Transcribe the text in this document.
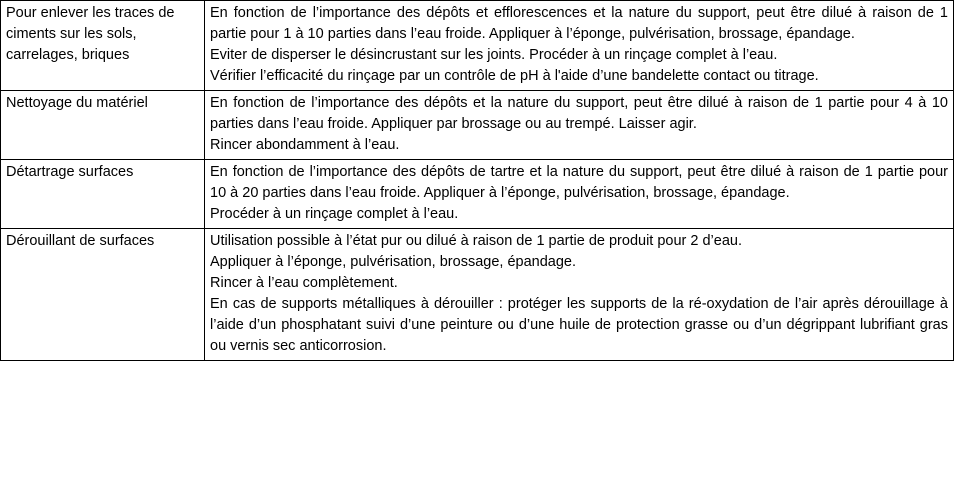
Pour enlever les traces de ciments sur les sols, carrelages, briques	En fonction de l’importance des dépôts et efflorescences et la nature du support, peut être dilué à raison de 1 partie pour 1 à 10 parties dans l’eau froide. Appliquer à l’éponge, pulvérisation, brossage, épandage.
Eviter de disperser le désincrustant sur les joints. Procéder à un rinçage complet à l’eau.
Vérifier l’efficacité du rinçage par un contrôle de pH à l'aide d’une bandelette contact ou titrage.

Nettoyage du matériel	En fonction de l’importance des dépôts et la nature du support, peut être dilué à raison de 1 partie pour 4 à 10 parties dans l’eau froide. Appliquer par brossage ou au trempé. Laisser agir.
Rincer abondamment à l’eau.

Détartrage surfaces	En fonction de l’importance des dépôts de tartre et la nature du support, peut être dilué à raison de 1 partie pour 10 à 20 parties dans l’eau froide. Appliquer à l’éponge, pulvérisation, brossage, épandage.
Procéder à un rinçage complet à l’eau.

Dérouillant de surfaces	Utilisation possible à l’état pur ou dilué à raison de 1 partie de produit pour 2 d’eau.
Appliquer à l’éponge, pulvérisation, brossage, épandage.
Rincer à l’eau complètement.
En cas de supports métalliques à dérouiller : protéger les supports de la ré-oxydation de l’air après dérouillage à l’aide d’un phosphatant suivi d’une peinture ou d’une huile de protection grasse ou d’un dégrippant lubrifiant gras ou vernis sec anticorrosion.
